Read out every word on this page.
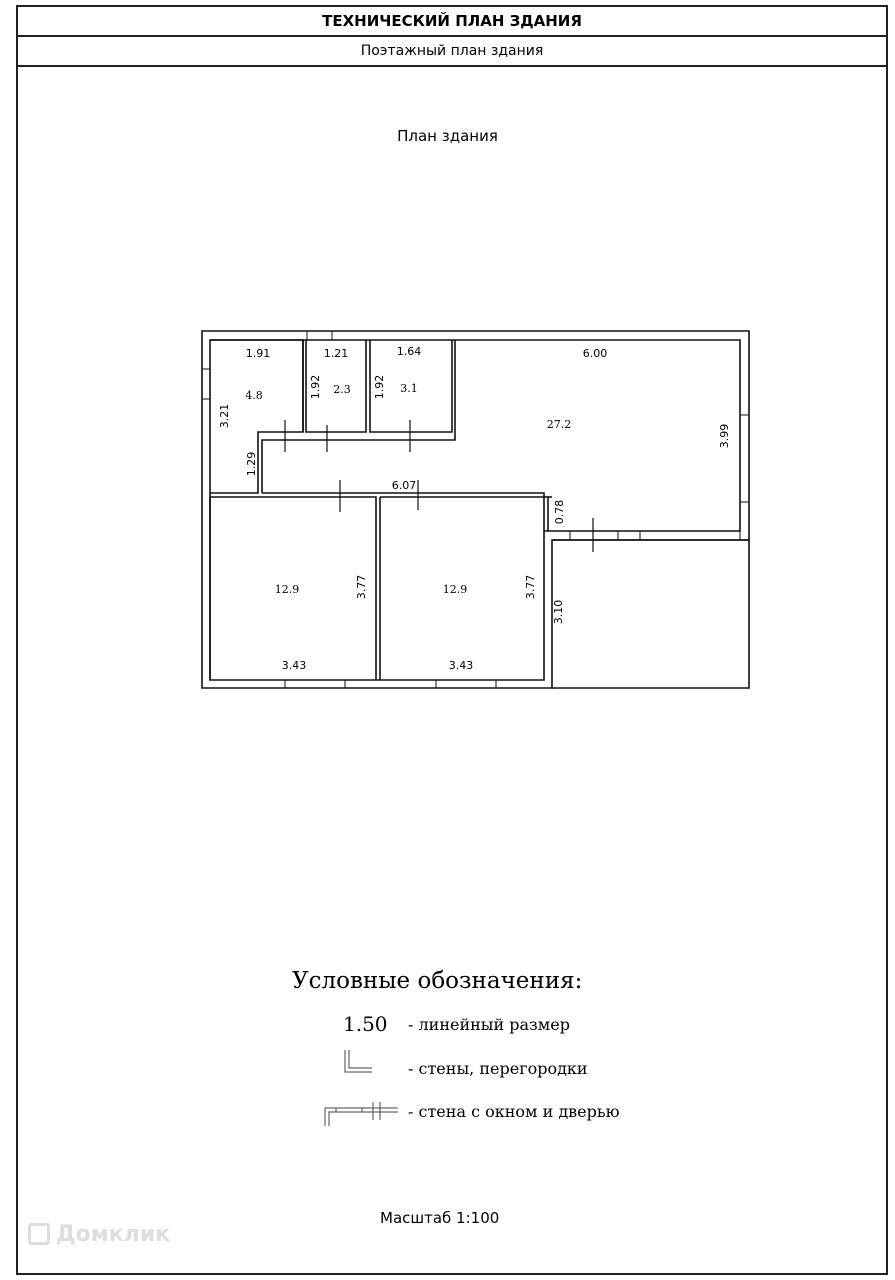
ТЕХНИЧЕСКИЙ ПЛАН ЗДАНИЯ
Поэтажный план здания
План здания
1.91	1.21	1.64	6.00
6.07
3.43	3.43
3.21
1.92	1.92
1.29
3.99
0.78
3.77	3.77
3.10
4.8	2.3	3.1
27.2
12.9	12.9
Условные обозначения:
1.50 - линейный размер
- стены, перегородки
- стена с окном и дверью
Масштаб 1:100
Домклик
